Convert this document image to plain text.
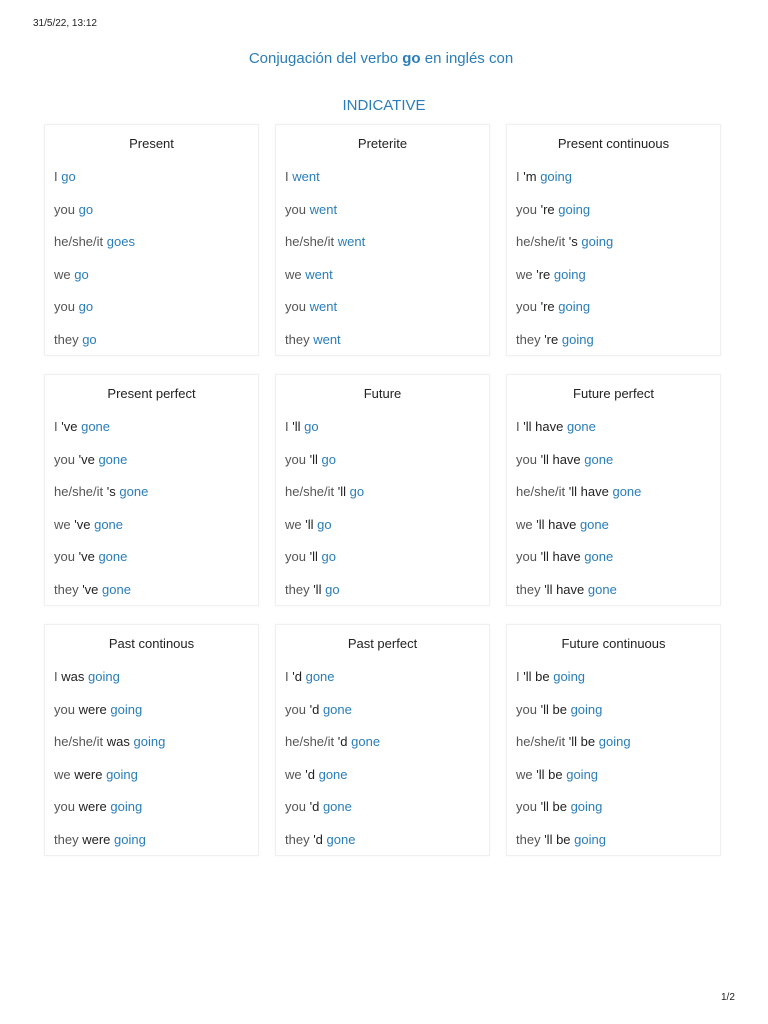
31/5/22, 13:12
Conjugación del verbo go en inglés con
INDICATIVE
Present
I go
you go
he/she/it goes
we go
you go
they go
Preterite
I went
you went
he/she/it went
we went
you went
they went
Present continuous
I 'm going
you 're going
he/she/it 's going
we 're going
you 're going
they 're going
Present perfect
I 've gone
you 've gone
he/she/it 's gone
we 've gone
you 've gone
they 've gone
Future
I 'll go
you 'll go
he/she/it 'll go
we 'll go
you 'll go
they 'll go
Future perfect
I 'll have gone
you 'll have gone
he/she/it 'll have gone
we 'll have gone
you 'll have gone
they 'll have gone
Past continous
I was going
you were going
he/she/it was going
we were going
you were going
they were going
Past perfect
I 'd gone
you 'd gone
he/she/it 'd gone
we 'd gone
you 'd gone
they 'd gone
Future continuous
I 'll be going
you 'll be going
he/she/it 'll be going
we 'll be going
you 'll be going
they 'll be going
1/2
